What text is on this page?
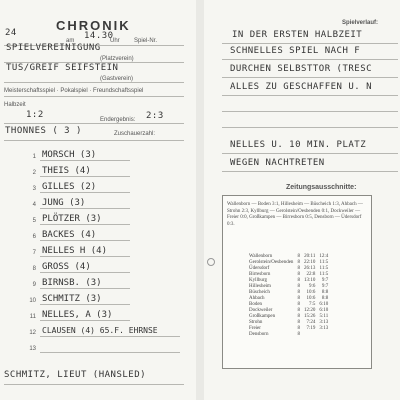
CHRONIK
24
am 14.30
Uhr Spiel-Nr.
SPIELVEREINIGUNG
(Platzverein)
TUS/GREIF SEIFSTEIN
(Gastverein)
Meisterschaftsspiel · Pokalspiel · Freundschaftsspiel
Halbzeit
1:2	Endergebnis: 2:3
THONNES ( 3 )	Zuschauerzahl:
1 MORSCH (3)
2 THEIS (4)
3 GILLES (2)
4 JUNG (3)
5 PLÖTZER (3)
6 BACKES (4)
7 NELLES H (4)
8 GROSS (4)
9 BIRNSB. (3)
10 SCHMITZ (3)
11 NELLES, A (3)
12 CLAUSEN (4) 65.F. EHRNSE
13
SCHMITZ, LIEUT (HANSLED)
Spielverlauf:
IN DER ERSTEN HALBZEIT
SCHNELLES SPIEL NACH F
DURCHEN SELBSTTOR (TRESC
ALLES ZU GESCHAFFEN U. N
NELLES U. 10 MIN. PLATZ
WEGEN NACHTRETEN
Zeitungsausschnitte:
Wallenborn — Boden 3:1, Hillesheim — Büscheich 1:3, Ahbach — Strohn 2:3, Kyllburg — Gerolstein/Oesbenden 0:1, Dockweiler — Freier 0:0, Großkampen — Birresborn 0:5, Densborn — Üdersdorf 0:3.
Wallenborn	8	20:11	12:4
Gerolstein/Oesbenden	8	22:10	11:5
Üdersdorf	8	26:13	11:5
Birresborn	8	22:8	11:5
Kyllburg	8	13:10	9:7
Hillesheim	8	9:6	9:7
Büscheich	8	10:6	8:8
Ahbach	8	10:6	8:8
Boden	8	7:5	6:10
Dockweiler	8	12:20	6:10
Großkampen	8	15:26	5:11
Strohn	8	7:24	3:13
Freier	8	7:19	3:13
Densborn	8		
